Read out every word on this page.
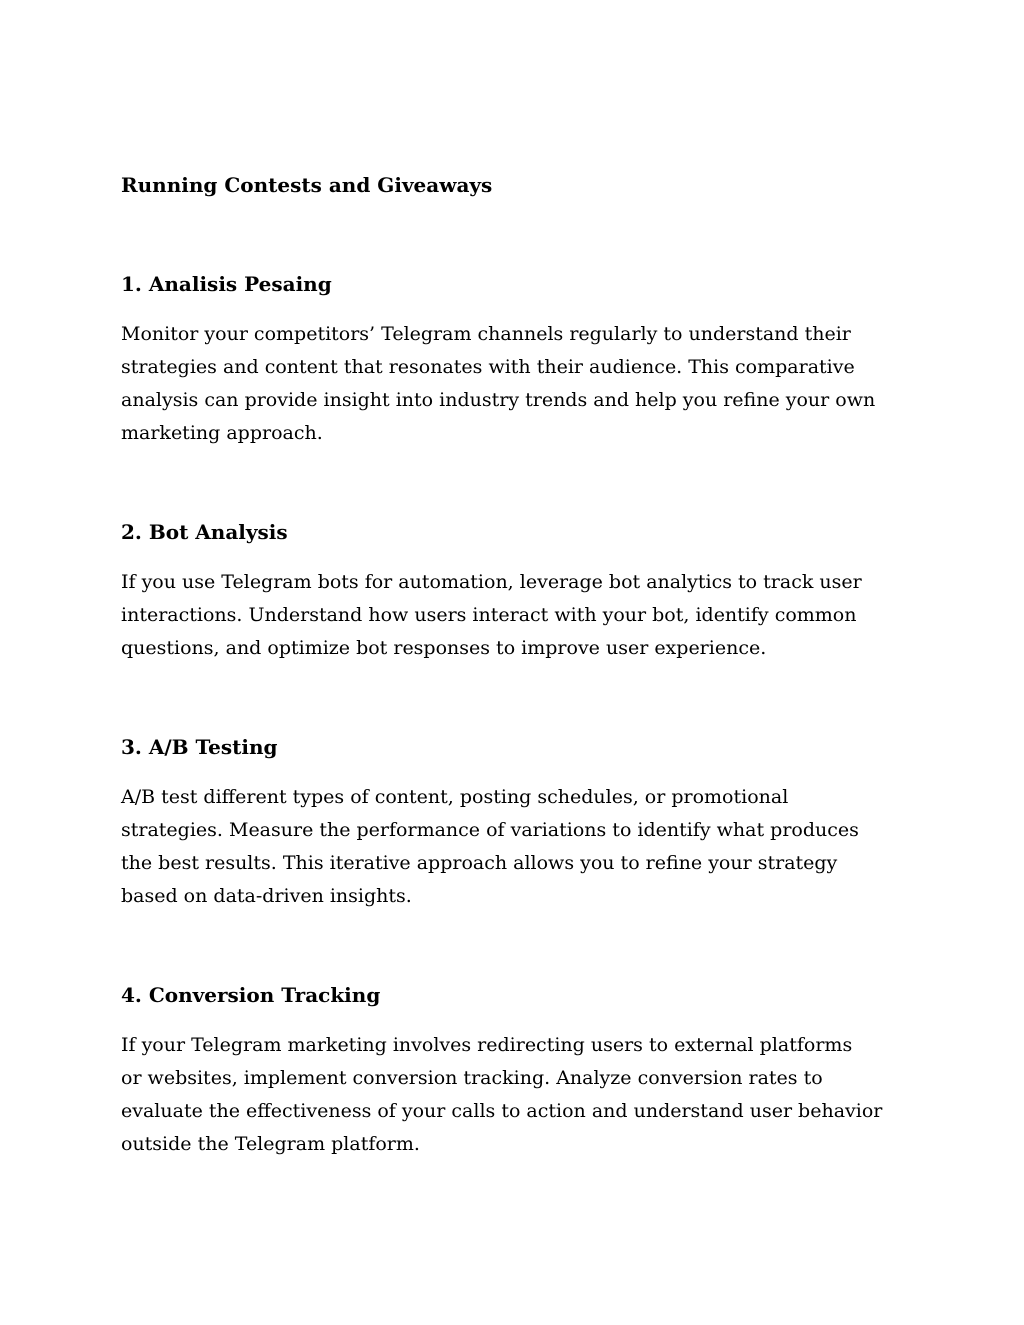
Running Contests and Giveaways
1. Analisis Pesaing

Monitor your competitors’ Telegram channels regularly to understand their
strategies and content that resonates with their audience. This comparative
analysis can provide insight into industry trends and help you refine your own
marketing approach.

2. Bot Analysis

If you use Telegram bots for automation, leverage bot analytics to track user
interactions. Understand how users interact with your bot, identify common
questions, and optimize bot responses to improve user experience.

3. A/B Testing

A/B test different types of content, posting schedules, or promotional
strategies. Measure the performance of variations to identify what produces
the best results. This iterative approach allows you to refine your strategy
based on data-driven insights.

4. Conversion Tracking

If your Telegram marketing involves redirecting users to external platforms
or websites, implement conversion tracking. Analyze conversion rates to
evaluate the effectiveness of your calls to action and understand user behavior
outside the Telegram platform.
